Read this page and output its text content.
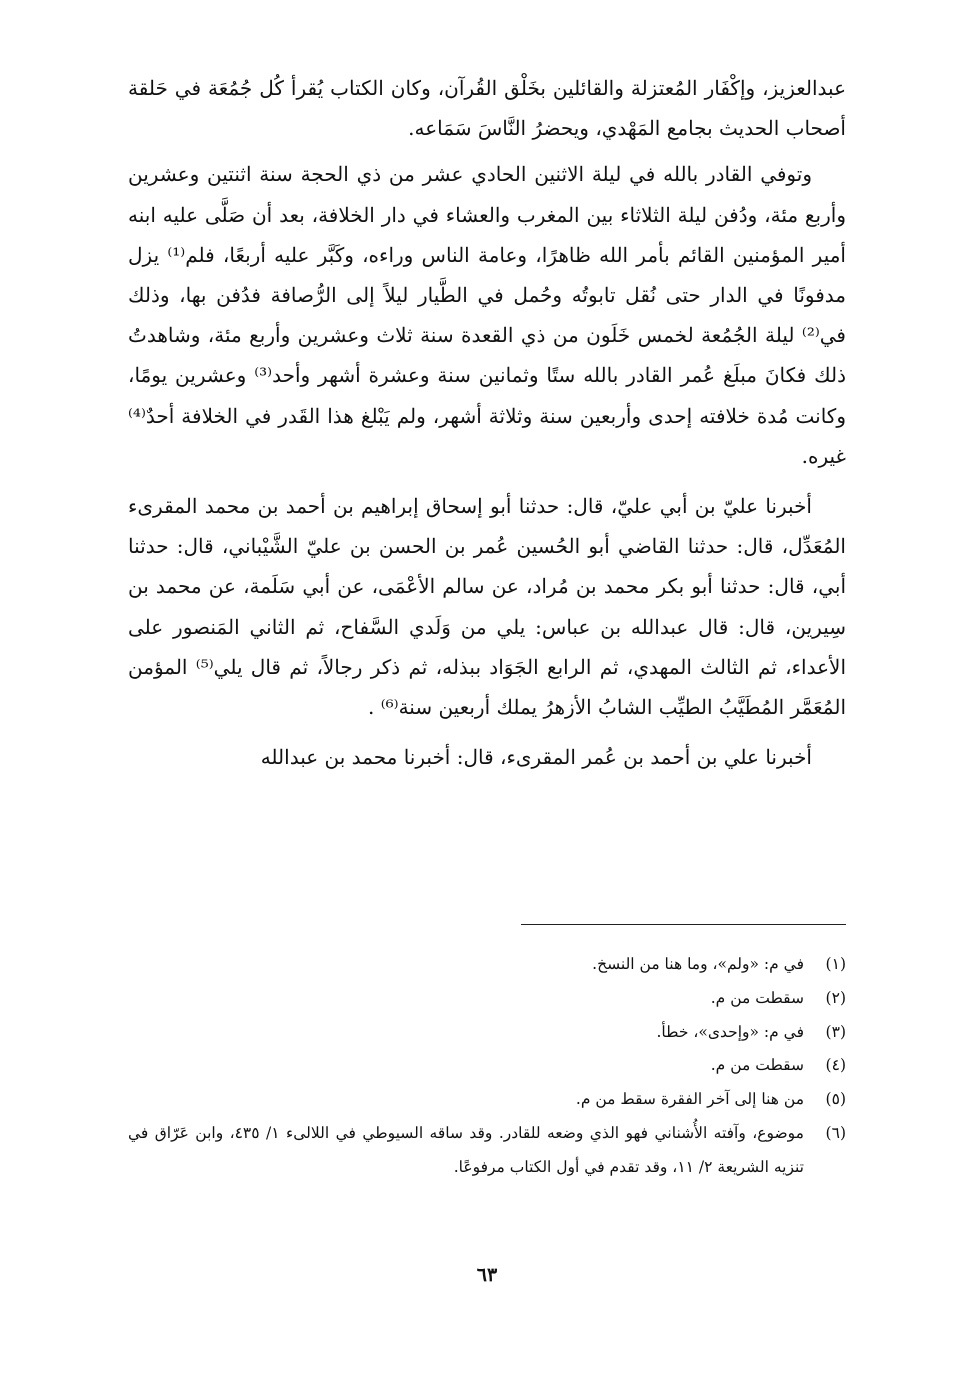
عبدالعزيز، وإكْفَار المُعتزلة والقائلين بخَلْق القُرآن، وكان الكتاب يُقرأ كُل جُمُعَة في حَلقة أصحاب الحديث بجامع المَهْدي، ويحضرُ النَّاسَ سَمَاعه.

وتوفي القادر بالله في ليلة الاثنين الحادي عشر من ذي الحجة سنة اثنتين وعشرين وأربع مئة، ودُفن ليلة الثلاثاء بين المغرب والعشاء في دار الخلافة، بعد أن صَلَّى عليه ابنه أمير المؤمنين القائم بأمر الله ظاهرًا، وعامة الناس وراءه، وكَبَّر عليه أربعًا، فلم⁽¹⁾ يزل مدفونًا في الدار حتى نُقل تابوتُه وحُمل في الطَّيار ليلاً إلى الرُّصافة فدُفن بها، وذلك في⁽²⁾ ليلة الجُمُعة لخمس خَلَون من ذي القعدة سنة ثلاث وعشرين وأربع مئة، وشاهدتُ ذلك فكانَ مبلَغ عُمر القادر بالله ستًا وثمانين سنة وعشرة أشهر وأحد⁽³⁾ وعشرين يومًا، وكانت مُدة خلافته إحدى وأربعين سنة وثلاثة أشهر، ولم يَبْلغ هذا القَدر في الخلافة أحدٌ⁽⁴⁾ غيره.

أخبرنا عليّ بن أبي عليّ، قال: حدثنا أبو إسحاق إبراهيم بن أحمد بن محمد المقرىء المُعَدِّل، قال: حدثنا القاضي أبو الحُسين عُمر بن الحسن بن عليّ الشَّيْباني، قال: حدثنا أبي، قال: حدثنا أبو بكر محمد بن مُراد، عن سالم الأعْمَى، عن أبي سَلَمة، عن محمد بن سِيرين، قال: قال عبدالله بن عباس: يلي من وَلَدي السَّفاح، ثم الثاني المَنصور على الأعداء، ثم الثالث المهدي، ثم الرابع الجَوَاد ببذله، ثم ذكر رجالاً، ثم قال يلي⁽⁵⁾ المؤمن المُعَمَّر المُطَيَّبُ الطيِّب الشابُ الأزهرُ يملك أربعين سنة⁽⁶⁾ .

أخبرنا علي بن أحمد بن عُمر المقرىء، قال: أخبرنا محمد بن عبدالله

(١)
في م: «ولم»، وما هنا من النسخ.
(٢)
سقطت من م.
(٣)
في م: «وإحدى»، خطأ.
(٤)
سقطت من م.
(٥)
من هنا إلى آخر الفقرة سقط من م.
(٦)
موضوع، وآفته الأُشناني فهو الذي وضعه للقادر. وقد ساقه السيوطي في اللالىء ١/ ٤٣٥، وابن عَرّاق في تنزيه الشريعة ٢/ ١١، وقد تقدم في أول الكتاب مرفوعًا.
٦٣
